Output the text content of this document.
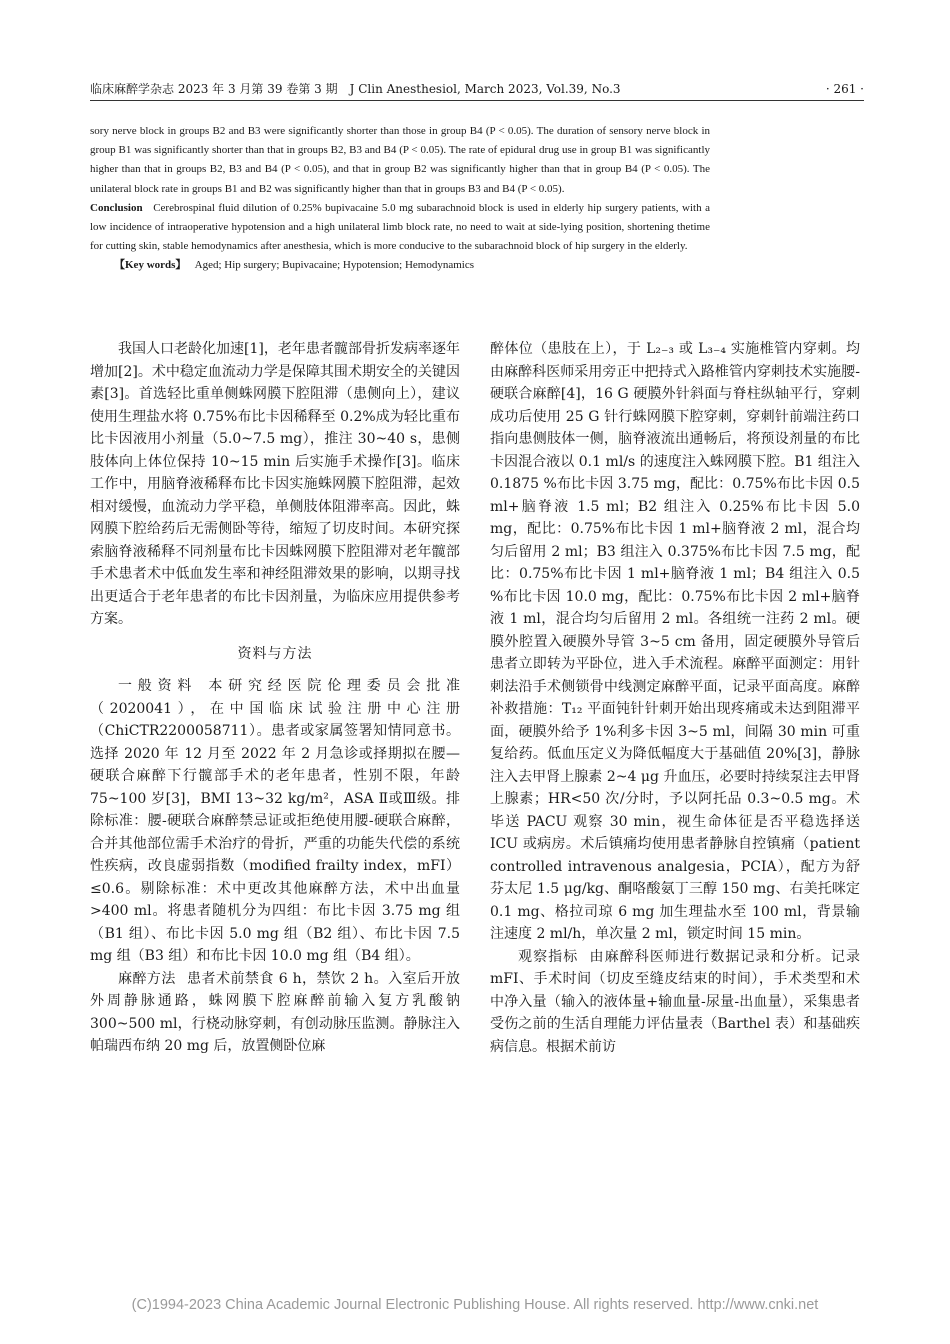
临床麻醉学杂志 2023 年 3 月第 39 卷第 3 期　J Clin Anesthesiol, March 2023, Vol.39, No.3	· 261 ·

sory nerve block in groups B2 and B3 were significantly shorter than those in group B4 (P < 0.05). The duration of sensory nerve block in group B1 was significantly shorter than that in groups B2, B3 and B4 (P < 0.05). The rate of epidural drug use in group B1 was significantly higher than that in groups B2, B3 and B4 (P < 0.05), and that in group B2 was significantly higher than that in group B4 (P < 0.05). The unilateral block rate in groups B1 and B2 was significantly higher than that in groups B3 and B4 (P < 0.05).

Conclusion Cerebrospinal fluid dilution of 0.25% bupivacaine 5.0 mg subarachnoid block is used in elderly hip surgery patients, with a low incidence of intraoperative hypotension and a high unilateral limb block rate, no need to wait at side-lying position, shortening thetime for cutting skin, stable hemodynamics after anesthesia, which is more conducive to the subarachnoid block of hip surgery in the elderly.

【Key words】 Aged; Hip surgery; Bupivacaine; Hypotension; Hemodynamics

我国人口老龄化加速[1]，老年患者髋部骨折发病率逐年增加[2]。术中稳定血流动力学是保障其围术期安全的关键因素[3]。首选轻比重单侧蛛网膜下腔阻滞（患侧向上），建议使用生理盐水将 0.75%布比卡因稀释至 0.2%成为轻比重布比卡因液用小剂量（5.0~7.5 mg），推注 30~40 s，患侧肢体向上体位保持 10~15 min 后实施手术操作[3]。临床工作中，用脑脊液稀释布比卡因实施蛛网膜下腔阻滞，起效相对缓慢，血流动力学平稳，单侧肢体阻滞率高。因此，蛛网膜下腔给药后无需侧卧等待，缩短了切皮时间。本研究探索脑脊液稀释不同剂量布比卡因蛛网膜下腔阻滞对老年髋部手术患者术中低血发生率和神经阻滞效果的影响，以期寻找出更适合于老年患者的布比卡因剂量，为临床应用提供参考方案。

资料与方法

一般资料 本研究经医院伦理委员会批准（2020041），在中国临床试验注册中心注册（ChiCTR2200058711）。患者或家属签署知情同意书。选择 2020 年 12 月至 2022 年 2 月急诊或择期拟在腰—硬联合麻醉下行髋部手术的老年患者，性别不限，年龄 75~100 岁[3]，BMI 13~32 kg/m²，ASA Ⅱ或Ⅲ级。排除标准：腰-硬联合麻醉禁忌证或拒绝使用腰-硬联合麻醉，合并其他部位需手术治疗的骨折，严重的功能失代偿的系统性疾病，改良虚弱指数（modified frailty index，mFI）≤0.6。剔除标准：术中更改其他麻醉方法，术中出血量>400 ml。将患者随机分为四组：布比卡因 3.75 mg 组（B1 组）、布比卡因 5.0 mg 组（B2 组）、布比卡因 7.5 mg 组（B3 组）和布比卡因 10.0 mg 组（B4 组）。

麻醉方法 患者术前禁食 6 h，禁饮 2 h。入室后开放外周静脉通路，蛛网膜下腔麻醉前输入复方乳酸钠 300~500 ml，行桡动脉穿刺，有创动脉压监测。静脉注入帕瑞西布纳 20 mg 后，放置侧卧位麻

醉体位（患肢在上），于 L₂₋₃ 或 L₃₋₄ 实施椎管内穿刺。均由麻醉科医师采用旁正中把持式入路椎管内穿刺技术实施腰-硬联合麻醉[4]，16 G 硬膜外针斜面与脊柱纵轴平行，穿刺成功后使用 25 G 针行蛛网膜下腔穿刺，穿刺针前端注药口指向患侧肢体一侧，脑脊液流出通畅后，将预设剂量的布比卡因混合液以 0.1 ml/s 的速度注入蛛网膜下腔。B1 组注入 0.1875 %布比卡因 3.75 mg，配比：0.75%布比卡因 0.5 ml+脑脊液 1.5 ml；B2 组注入 0.25%布比卡因 5.0 mg，配比：0.75%布比卡因 1 ml+脑脊液 2 ml，混合均匀后留用 2 ml；B3 组注入 0.375%布比卡因 7.5 mg，配比：0.75%布比卡因 1 ml+脑脊液 1 ml；B4 组注入 0.5 %布比卡因 10.0 mg，配比：0.75%布比卡因 2 ml+脑脊液 1 ml，混合均匀后留用 2 ml。各组统一注药 2 ml。硬膜外腔置入硬膜外导管 3~5 cm 备用，固定硬膜外导管后患者立即转为平卧位，进入手术流程。麻醉平面测定：用针刺法沿手术侧锁骨中线测定麻醉平面，记录平面高度。麻醉补救措施：T₁₂ 平面钝针针刺开始出现疼痛或未达到阻滞平面，硬膜外给予 1%利多卡因 3~5 ml，间隔 30 min 可重复给药。低血压定义为降低幅度大于基础值 20%[3]，静脉注入去甲肾上腺素 2~4 μg 升血压，必要时持续泵注去甲肾上腺素；HR<50 次/分时，予以阿托品 0.3~0.5 mg。术毕送 PACU 观察 30 min，视生命体征是否平稳选择送 ICU 或病房。术后镇痛均使用患者静脉自控镇痛（patient controlled intravenous analgesia，PCIA），配方为舒芬太尼 1.5 μg/kg、酮咯酸氨丁三醇 150 mg、右美托咪定 0.1 mg、格拉司琼 6 mg 加生理盐水至 100 ml，背景输注速度 2 ml/h，单次量 2 ml，锁定时间 15 min。

观察指标 由麻醉科医师进行数据记录和分析。记录 mFI、手术时间（切皮至缝皮结束的时间），手术类型和术中净入量（输入的液体量+输血量-尿量-出血量），采集患者受伤之前的生活自理能力评估量表（Barthel 表）和基础疾病信息。根据术前访

(C)1994-2023 China Academic Journal Electronic Publishing House. All rights reserved. http://www.cnki.net
